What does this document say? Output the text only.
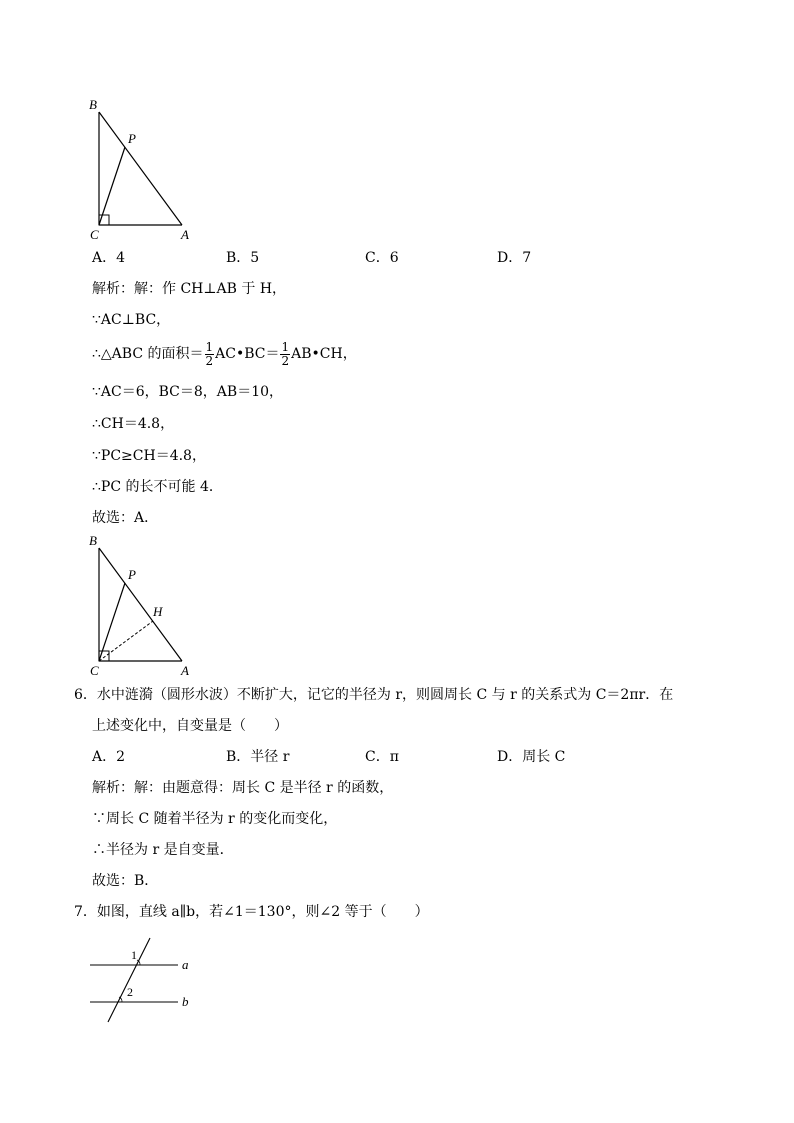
B
P
C	A
A．4	B．5	C．6	D．7
解析：解：作 CH⊥AB 于 H，
∵AC⊥BC，
∴△ABC 的面积＝ $\frac{1}{2}$ AC•BC＝ $\frac{1}{2}$ AB•CH，
∵AC＝6，BC＝8，AB＝10，
∴CH＝4.8，
∵PC≥CH＝4.8，
∴PC 的长不可能 4．
故选：A．
B
P
H
C	A
6．水中涟漪（圆形水波）不断扩大，记它的半径为 r，则圆周长 C 与 r 的关系式为 C＝2πr．在
上述变化中，自变量是（　　）
A．2	B．半径 r	C．π	D．周长 C
解析：解：由题意得：周长 C 是半径 r 的函数，
∵周长 C 随着半径为 r 的变化而变化，
∴半径为 r 是自变量．
故选：B．
7．如图，直线 a∥b，若∠1＝130°，则∠2 等于（　　）
1
2
a
b
